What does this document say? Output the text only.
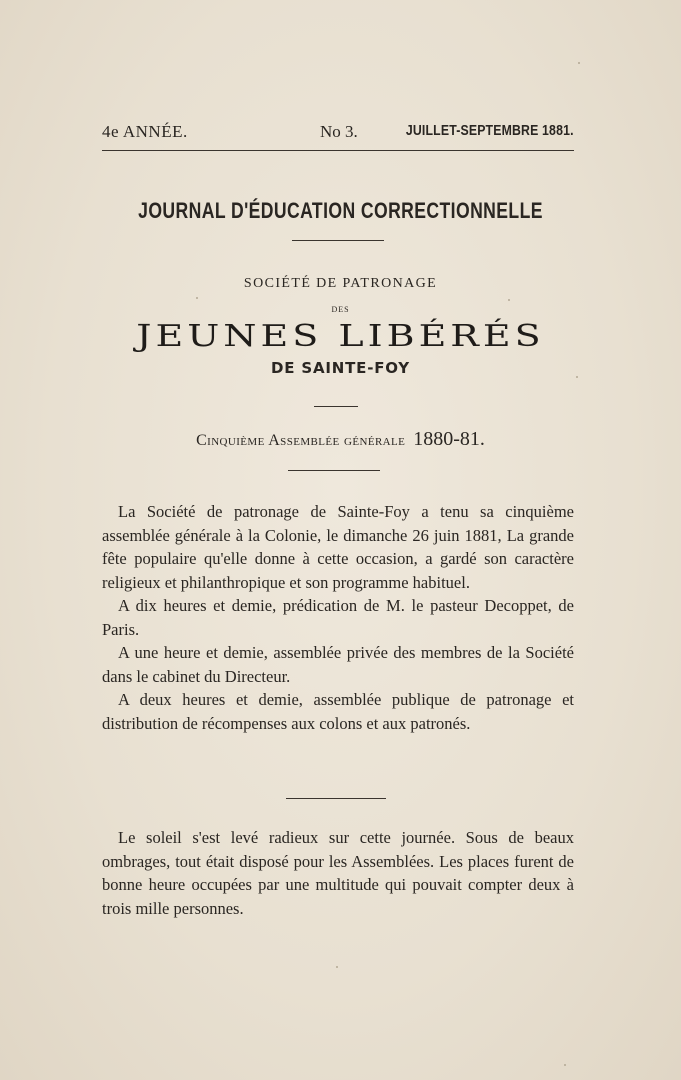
4e ANNÉE.	No 3.	JUILLET-SEPTEMBRE 1881.
JOURNAL D'ÉDUCATION CORRECTIONNELLE
SOCIÉTÉ DE PATRONAGE
DES
JEUNES LIBÉRÉS
DE SAINTE-FOY
Cinquième Assemblée générale 1880-81.

La Société de patronage de Sainte-Foy a tenu sa cinquième assemblée générale à la Colonie, le dimanche 26 juin 1881, La grande fête populaire qu'elle donne à cette occasion, a gardé son caractère religieux et philanthropique et son programme habituel.

A dix heures et demie, prédication de M. le pasteur Decoppet, de Paris.

A une heure et demie, assemblée privée des membres de la Société dans le cabinet du Directeur.

A deux heures et demie, assemblée publique de patronage et distribution de récompenses aux colons et aux patronés.

Le soleil s'est levé radieux sur cette journée. Sous de beaux ombrages, tout était disposé pour les Assemblées. Les places furent de bonne heure occupées par une multitude qui pouvait compter deux à trois mille personnes.
